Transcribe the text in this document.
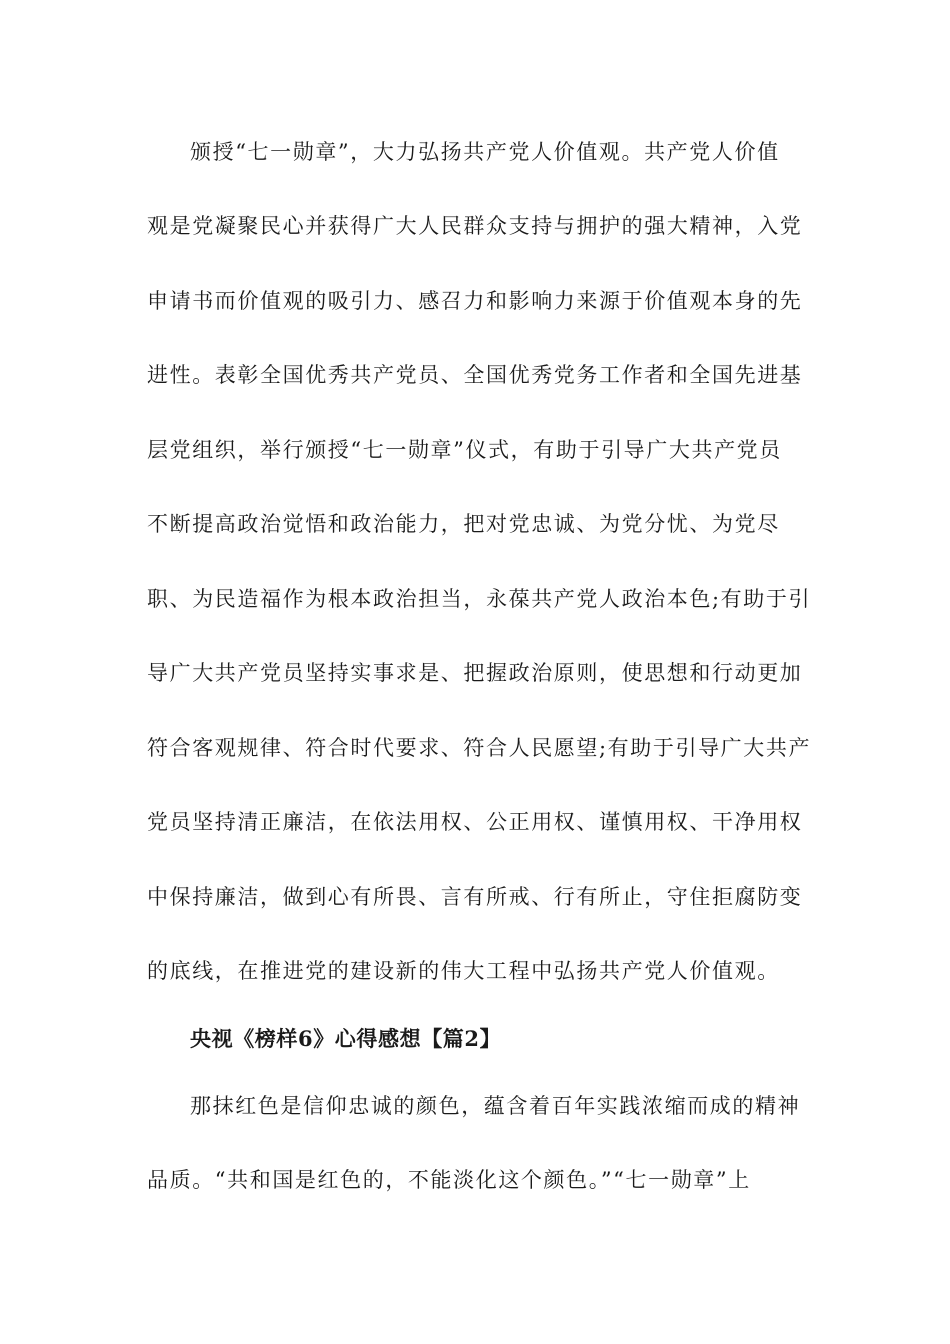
颁授“七一勋章”，大力弘扬共产党人价值观。共产党人价值
观是党凝聚民心并获得广大人民群众支持与拥护的强大精神，入党
申请书而价值观的吸引力、感召力和影响力来源于价值观本身的先
进性。表彰全国优秀共产党员、全国优秀党务工作者和全国先进基
层党组织，举行颁授“七一勋章”仪式，有助于引导广大共产党员
不断提高政治觉悟和政治能力，把对党忠诚、为党分忧、为党尽
职、为民造福作为根本政治担当，永葆共产党人政治本色;有助于引
导广大共产党员坚持实事求是、把握政治原则，使思想和行动更加
符合客观规律、符合时代要求、符合人民愿望;有助于引导广大共产
党员坚持清正廉洁，在依法用权、公正用权、谨慎用权、干净用权
中保持廉洁，做到心有所畏、言有所戒、行有所止，守住拒腐防变
的底线，在推进党的建设新的伟大工程中弘扬共产党人价值观。
央视《榜样6》心得感想【篇2】
那抹红色是信仰忠诚的颜色，蕴含着百年实践浓缩而成的精神
品质。“共和国是红色的，不能淡化这个颜色。”“七一勋章”上
